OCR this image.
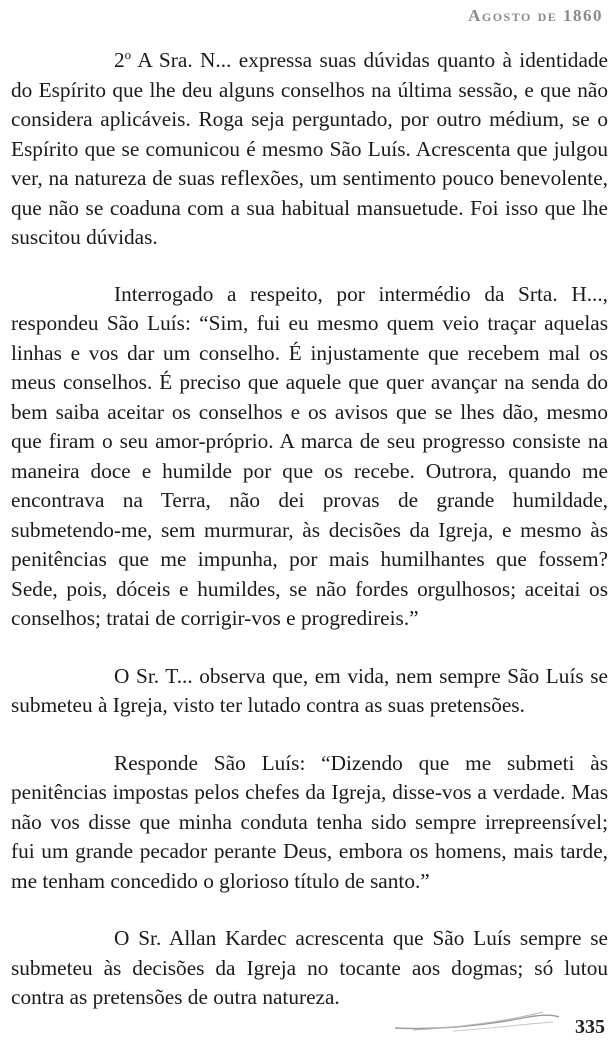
Agosto de 1860

2$^o$ A Sra. N... expressa suas dúvidas quanto à identidade do Espírito que lhe deu alguns conselhos na última sessão, e que não considera aplicáveis. Roga seja perguntado, por outro médium, se o Espírito que se comunicou é mesmo São Luís. Acrescenta que julgou ver, na natureza de suas reflexões, um sentimento pouco benevolente, que não se coaduna com a sua habitual mansuetude. Foi isso que lhe suscitou dúvidas.

Interrogado a respeito, por intermédio da Srta. H..., respondeu São Luís: “Sim, fui eu mesmo quem veio traçar aquelas linhas e vos dar um conselho. É injustamente que recebem mal os meus conselhos. É preciso que aquele que quer avançar na senda do bem saiba aceitar os conselhos e os avisos que se lhes dão, mesmo que firam o seu amor-próprio. A marca de seu progresso consiste na maneira doce e humilde por que os recebe. Outrora, quando me encontrava na Terra, não dei provas de grande humildade, submetendo-me, sem murmurar, às decisões da Igreja, e mesmo às penitências que me impunha, por mais humilhantes que fossem? Sede, pois, dóceis e humildes, se não fordes orgulhosos; aceitai os conselhos; tratai de corrigir-vos e progredireis.”

O Sr. T... observa que, em vida, nem sempre São Luís se submeteu à Igreja, visto ter lutado contra as suas pretensões.

Responde São Luís: “Dizendo que me submeti às penitências impostas pelos chefes da Igreja, disse-vos a verdade. Mas não vos disse que minha conduta tenha sido sempre irrepreensível; fui um grande pecador perante Deus, embora os homens, mais tarde, me tenham concedido o glorioso título de santo.”

O Sr. Allan Kardec acrescenta que São Luís sempre se submeteu às decisões da Igreja no tocante aos dogmas; só lutou contra as pretensões de outra natureza.

335
